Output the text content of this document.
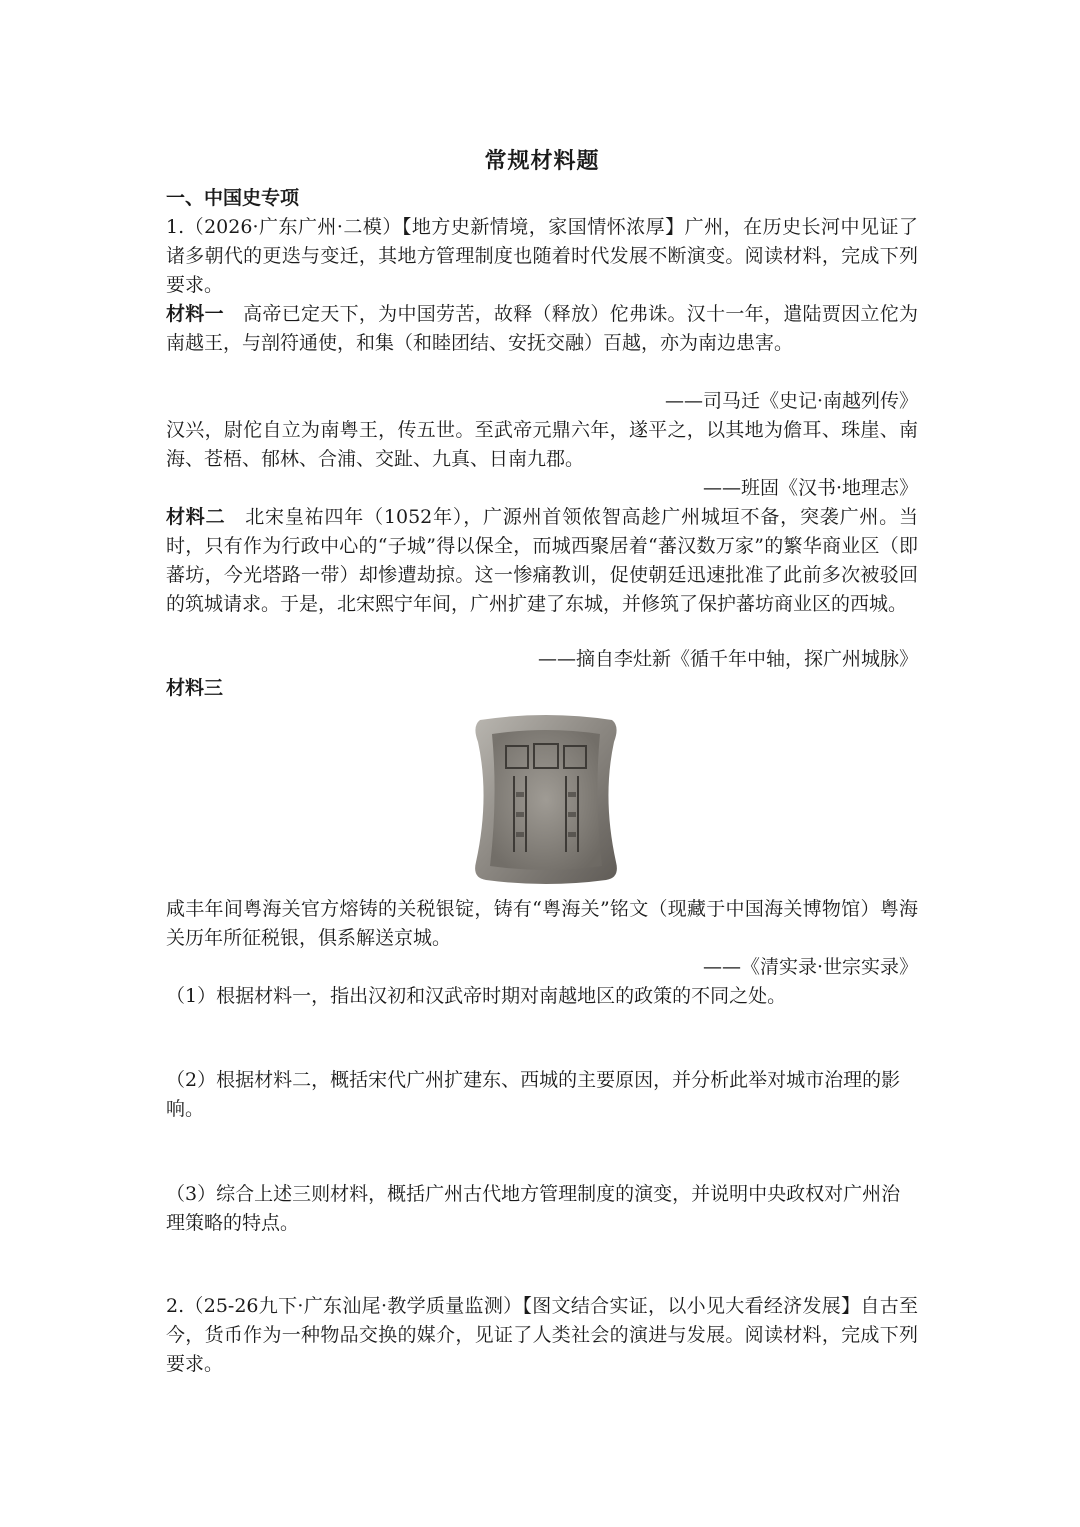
常规材料题
一、中国史专项
1.（2026·广东广州·二模）【地方史新情境，家国情怀浓厚】广州，在历史长河中见证了诸多朝代的更迭与变迁，其地方管理制度也随着时代发展不断演变。阅读材料，完成下列要求。
材料一　高帝已定天下，为中国劳苦，故释（释放）佗弗诛。汉十一年，遣陆贾因立佗为南越王，与剖符通使，和集（和睦团结、安抚交融）百越，亦为南边患害。
——司马迁《史记·南越列传》
汉兴，尉佗自立为南粤王，传五世。至武帝元鼎六年，遂平之，以其地为儋耳、珠崖、南海、苍梧、郁林、合浦、交趾、九真、日南九郡。
——班固《汉书·地理志》
材料二　北宋皇祐四年（1052年），广源州首领侬智高趁广州城垣不备，突袭广州。当时，只有作为行政中心的“子城”得以保全，而城西聚居着“蕃汉数万家”的繁华商业区（即蕃坊，今光塔路一带）却惨遭劫掠。这一惨痛教训，促使朝廷迅速批准了此前多次被驳回的筑城请求。于是，北宋熙宁年间，广州扩建了东城，并修筑了保护蕃坊商业区的西城。
——摘自李灶新《循千年中轴，探广州城脉》
材料三
咸丰年间粤海关官方熔铸的关税银锭，铸有“粤海关”铭文（现藏于中国海关博物馆）粤海关历年所征税银，俱系解送京城。
——《清实录·世宗实录》
（1）根据材料一，指出汉初和汉武帝时期对南越地区的政策的不同之处。
（2）根据材料二，概括宋代广州扩建东、西城的主要原因，并分析此举对城市治理的影响。
（3）综合上述三则材料，概括广州古代地方管理制度的演变，并说明中央政权对广州治理策略的特点。
2.（25-26九下·广东汕尾·教学质量监测）【图文结合实证，以小见大看经济发展】自古至今，货币作为一种物品交换的媒介，见证了人类社会的演进与发展。阅读材料，完成下列要求。
